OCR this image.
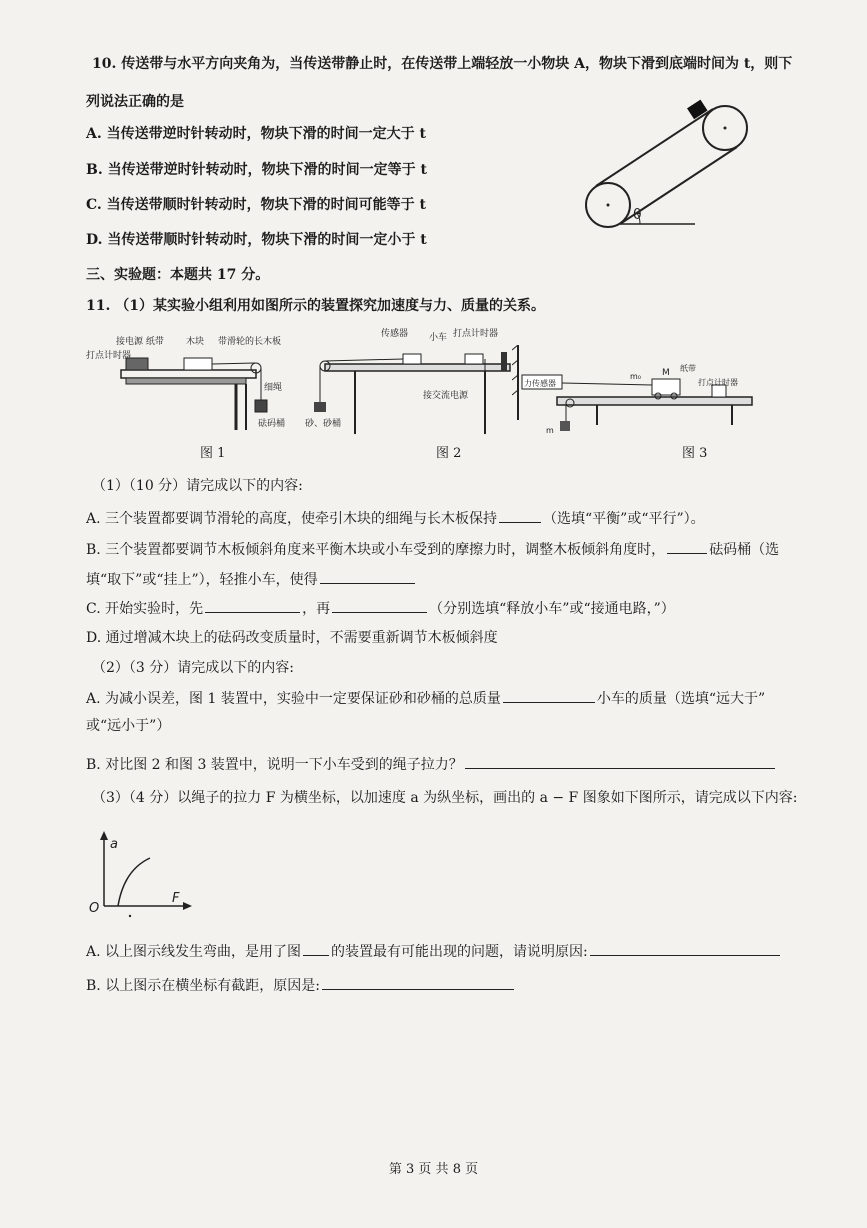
10. 传送带与水平方向夹角为，当传送带静止时，在传送带上端轻放一小物块 A，物块下滑到底端时间为 t，则下
列说法正确的是
A. 当传送带逆时针转动时，物块下滑的时间一定大于 t
B. 当传送带逆时针转动时，物块下滑的时间一定等于 t
C. 当传送带顺时针转动时，物块下滑的时间可能等于 t
D. 当传送带顺时针转动时，物块下滑的时间一定小于 t
θ
三、实验题：本题共 17 分。
11. （1）某实验小组利用如图所示的装置探究加速度与力、质量的关系。
接电源 纸带 木块 带滑轮的长木板
打点计时器
细绳
砝码桶
图 1
传感器 小车 打点计时器
接交流电源
砂、砂桶
图 2
力传感器
m₀ M 纸带
打点计时器
m
图 3
（1）（10 分）请完成以下的内容:
A. 三个装置都要调节滑轮的高度，使牵引木块的细绳与长木板保持	（选填“平衡”或“平行”）。
B. 三个装置都要调节木板倾斜角度来平衡木块或小车受到的摩擦力时，调整木板倾斜角度时，	砝码桶（选
填“取下”或“挂上”），轻推小车，使得
C. 开始实验时，先	，再	（分别选填“释放小车”或“接通电路，”）
D. 通过增减木块上的砝码改变质量时，不需要重新调节木板倾斜度
（2）（3 分）请完成以下的内容:
A. 为减小误差，图 1 装置中，实验中一定要保证砂和砂桶的总质量	小车的质量（选填“远大于”
或“远小于”）
B. 对比图 2 和图 3 装置中，说明一下小车受到的绳子拉力？
（3）（4 分）以绳子的拉力 F 为横坐标，以加速度 a 为纵坐标，画出的 a − F 图象如下图所示，请完成以下内容:
a
F
O
A. 以上图示线发生弯曲，是用了图 的装置最有可能出现的问题，请说明原因:
B. 以上图示在横坐标有截距，原因是:
第 3 页 共 8 页
